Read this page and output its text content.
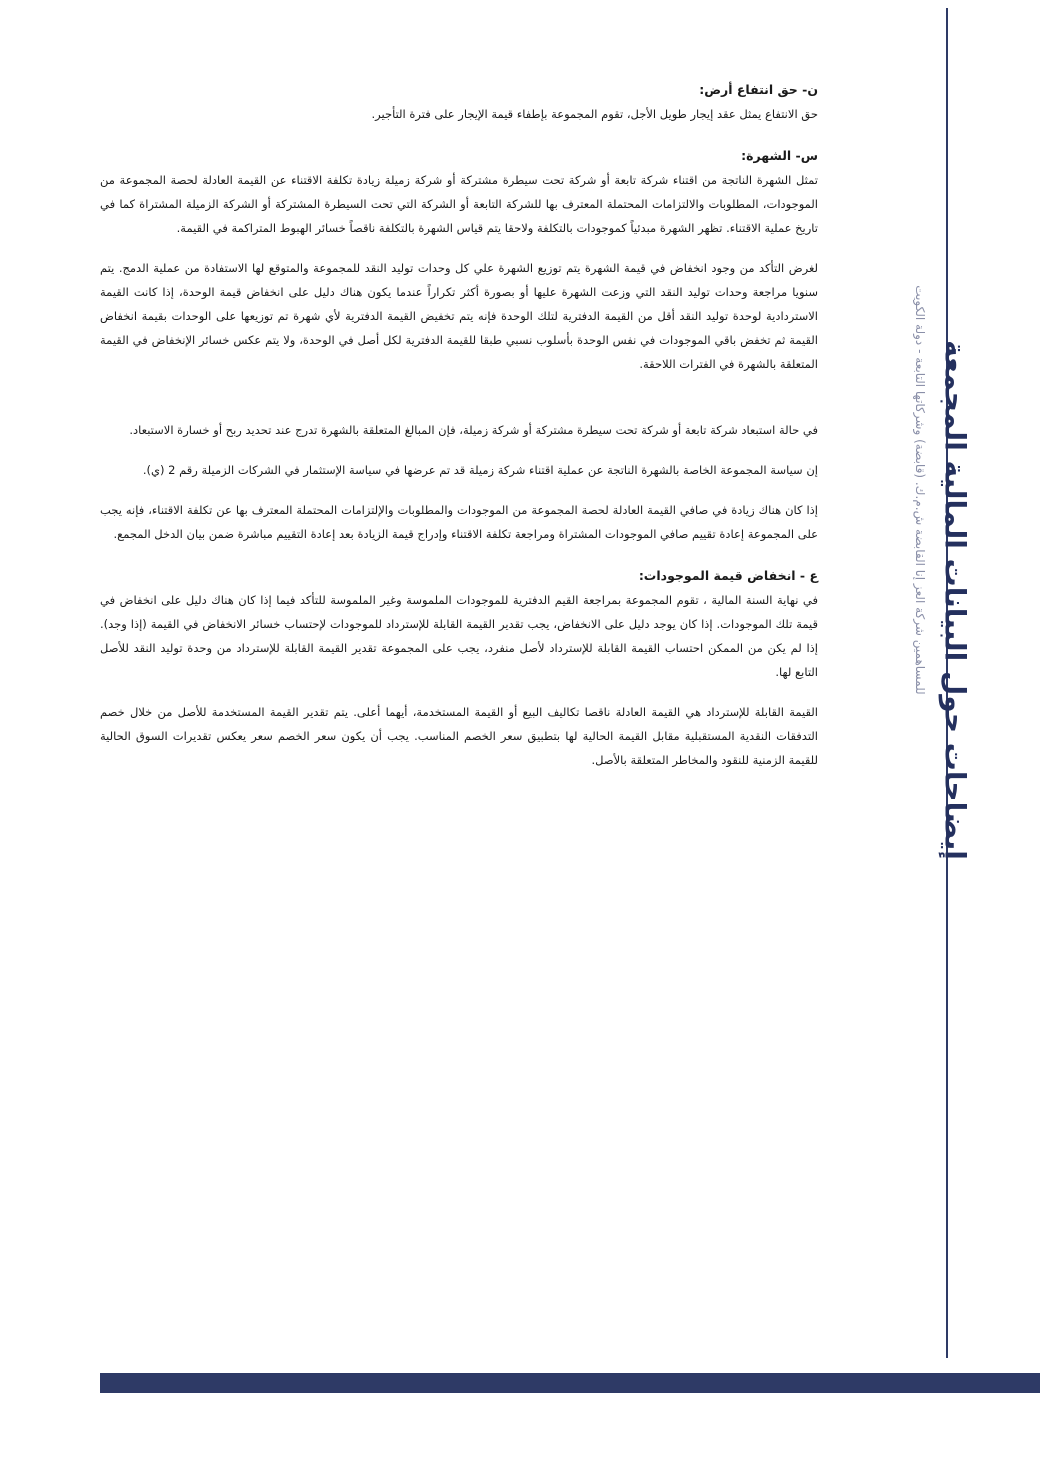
إيضاحات حول البيانات المالية المجمعة
للمساهمين شركة العز إنا القابضة ش.م.ك. (قابضة) وشركاتها التابعة - دولة الكويت

ن- حق انتفاع أرض:

حق الانتفاع يمثل عقد إيجار طويل الأجل، تقوم المجموعة بإطفاء قيمة الإيجار على فترة التأجير.

س- الشهرة:

تمثل الشهرة الناتجة من اقتناء شركة تابعة أو شركة تحت سيطرة مشتركة أو شركة زميلة زيادة تكلفة الاقتناء عن القيمة العادلة لحصة المجموعة من الموجودات، المطلوبات والالتزامات المحتملة المعترف بها للشركة التابعة أو الشركة التي تحت السيطرة المشتركة أو الشركة الزميلة المشتراة كما في تاريخ عملية الاقتناء. تظهر الشهرة مبدئياً كموجودات بالتكلفة ولاحقا يتم قياس الشهرة بالتكلفة ناقصاً خسائر الهبوط المتراكمة في القيمة.

لغرض التأكد من وجود انخفاض في قيمة الشهرة يتم توزيع الشهرة علي كل وحدات توليد النقد للمجموعة والمتوقع لها الاستفادة من عملية الدمج. يتم سنويا مراجعة وحدات توليد النقد التي وزعت الشهرة عليها أو بصورة أكثر تكراراً عندما يكون هناك دليل على انخفاض قيمة الوحدة، إذا كانت القيمة الاستردادية لوحدة توليد النقد أقل من القيمة الدفترية لتلك الوحدة فإنه يتم تخفيض القيمة الدفترية لأي شهرة تم توزيعها على الوحدات بقيمة انخفاض القيمة ثم تخفض باقي الموجودات في نفس الوحدة بأسلوب نسبي طبقا للقيمة الدفترية لكل أصل في الوحدة، ولا يتم عكس خسائر الإنخفاض في القيمة المتعلقة بالشهرة في الفترات اللاحقة.

في حالة استبعاد شركة تابعة أو شركة تحت سيطرة مشتركة أو شركة زميلة، فإن المبالغ المتعلقة بالشهرة تدرج عند تحديد ربح أو خسارة الاستبعاد.

إن سياسة المجموعة الخاصة بالشهرة الناتجة عن عملية اقتناء شركة زميلة قد تم عرضها في سياسة الإستثمار في الشركات الزميلة رقم 2 (ي).

إذا كان هناك زيادة في صافي القيمة العادلة لحصة المجموعة من الموجودات والمطلوبات والإلتزامات المحتملة المعترف بها عن تكلفة الاقتناء، فإنه يجب على المجموعة إعادة تقييم صافي الموجودات المشتراة ومراجعة تكلفة الاقتناء وإدراج قيمة الزيادة بعد إعادة التقييم مباشرة ضمن بيان الدخل المجمع.

ع - انخفاض قيمة الموجودات:

في نهاية السنة المالية ، تقوم المجموعة بمراجعة القيم الدفترية للموجودات الملموسة وغير الملموسة للتأكد فيما إذا كان هناك دليل على انخفاض في قيمة تلك الموجودات. إذا كان يوجد دليل على الانخفاض، يجب تقدير القيمة القابلة للإسترداد للموجودات لإحتساب خسائر الانخفاض في القيمة (إذا وجد). إذا لم يكن من الممكن احتساب القيمة القابلة للإسترداد لأصل منفرد، يجب على المجموعة تقدير القيمة القابلة للإسترداد من وحدة توليد النقد للأصل التابع لها.

القيمة القابلة للإسترداد هي القيمة العادلة ناقصا تكاليف البيع أو القيمة المستخدمة، أيهما أعلى. يتم تقدير القيمة المستخدمة للأصل من خلال خصم التدفقات النقدية المستقبلية مقابل القيمة الحالية لها بتطبيق سعر الخصم المناسب. يجب أن يكون سعر الخصم سعر يعكس تقديرات السوق الحالية للقيمة الزمنية للنقود والمخاطر المتعلقة بالأصل.
